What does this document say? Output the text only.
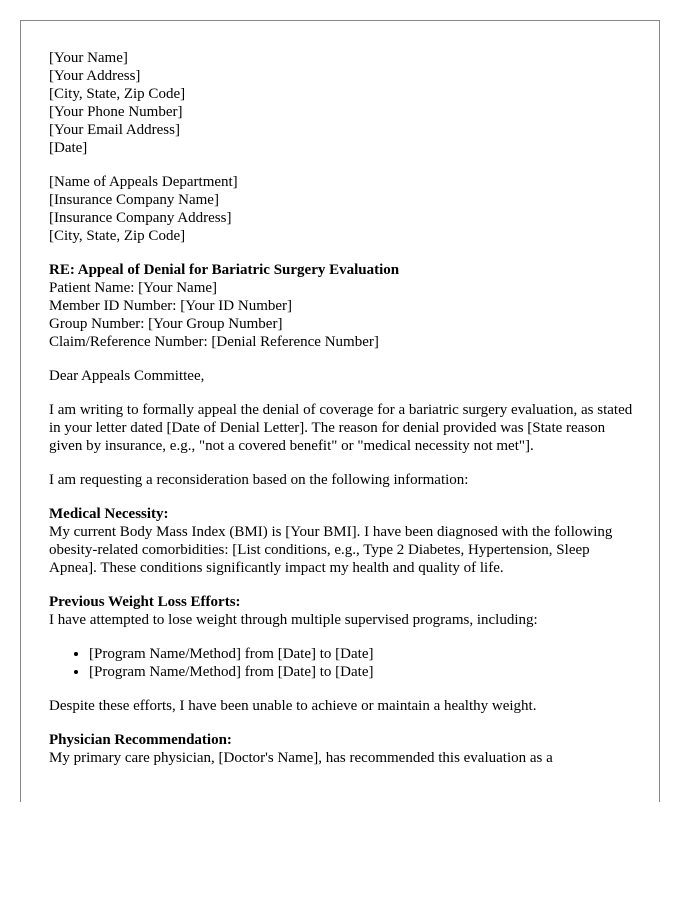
[Your Name]
[Your Address]
[City, State, Zip Code]
[Your Phone Number]
[Your Email Address]
[Date]
[Name of Appeals Department]
[Insurance Company Name]
[Insurance Company Address]
[City, State, Zip Code]
RE: Appeal of Denial for Bariatric Surgery Evaluation
Patient Name: [Your Name]
Member ID Number: [Your ID Number]
Group Number: [Your Group Number]
Claim/Reference Number: [Denial Reference Number]

Dear Appeals Committee,

I am writing to formally appeal the denial of coverage for a bariatric surgery evaluation, as stated in your letter dated [Date of Denial Letter]. The reason for denial provided was [State reason given by insurance, e.g., "not a covered benefit" or "medical necessity not met"].

I am requesting a reconsideration based on the following information:

Medical Necessity:
My current Body Mass Index (BMI) is [Your BMI]. I have been diagnosed with the following obesity-related comorbidities: [List conditions, e.g., Type 2 Diabetes, Hypertension, Sleep Apnea]. These conditions significantly impact my health and quality of life.
Previous Weight Loss Efforts:
I have attempted to lose weight through multiple supervised programs, including:
• [Program Name/Method] from [Date] to [Date]
• [Program Name/Method] from [Date] to [Date]

Despite these efforts, I have been unable to achieve or maintain a healthy weight.

Physician Recommendation:
My primary care physician, [Doctor's Name], has recommended this evaluation as a
